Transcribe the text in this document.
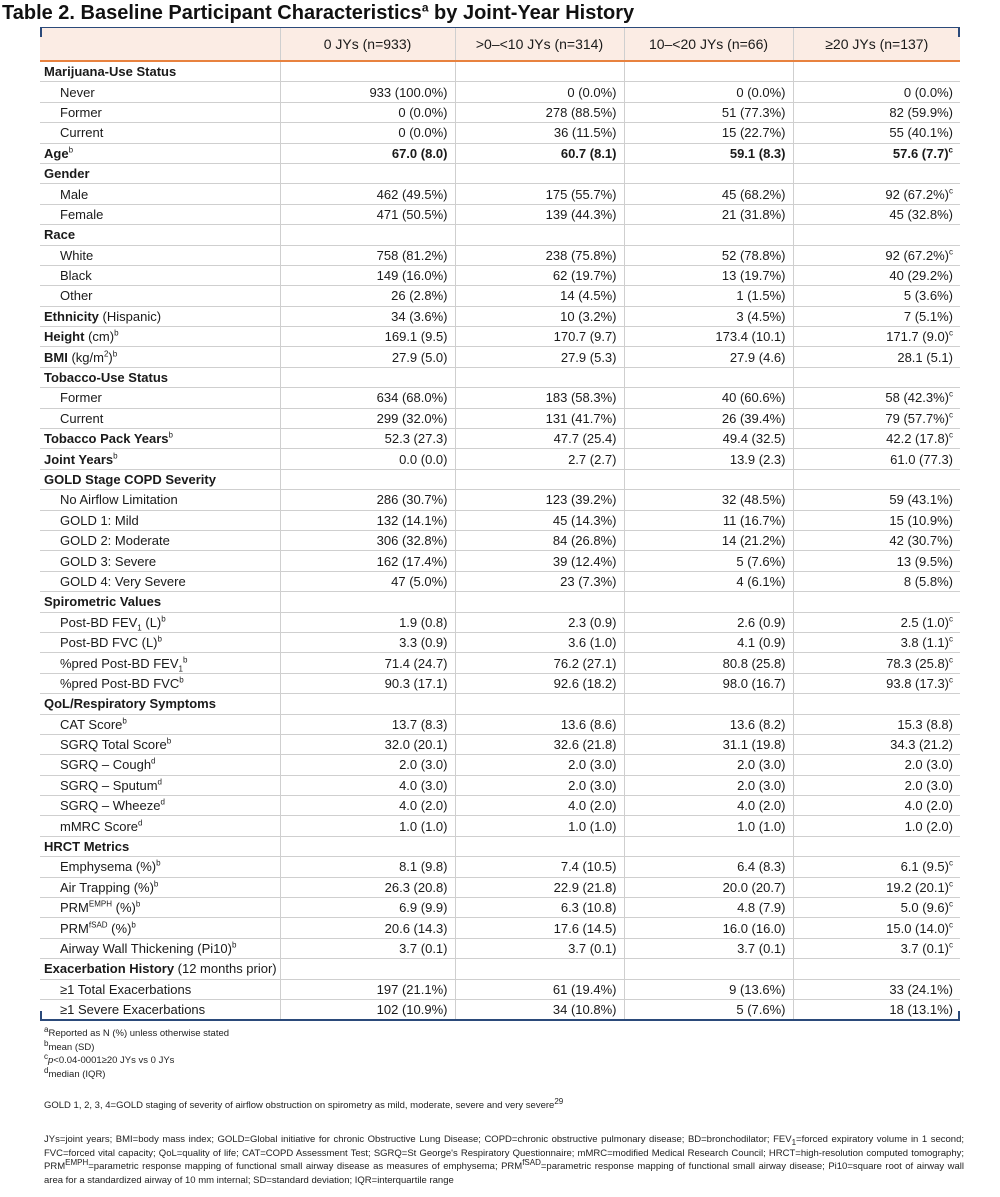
Table 2. Baseline Participant Characteristics$^a$ by Joint-Year History
	0 JYs (n=933)	>0–<10 JYs (n=314)	10–<20 JYs (n=66)	≥20 JYs (n=137)
Marijuana-Use Status				
Never	933 (100.0%)	0 (0.0%)	0 (0.0%)	0 (0.0%)
Former	0 (0.0%)	278 (88.5%)	51 (77.3%)	82 (59.9%)
Current	0 (0.0%)	36 (11.5%)	15 (22.7%)	55 (40.1%)
Age$^b$	67.0 (8.0)	60.7 (8.1)	59.1 (8.3)	57.6 $(7.7)^c$
Gender				
Male	462 (49.5%)	175 (55.7%)	45 (68.2%)	92 $(67.2\%)^c$
Female	471 (50.5%)	139 (44.3%)	21 (31.8%)	45 (32.8%)
Race				
White	758 (81.2%)	238 (75.8%)	52 (78.8%)	92 $(67.2\%)^c$
Black	149 (16.0%)	62 (19.7%)	13 (19.7%)	40 (29.2%)
Other	26 (2.8%)	14 (4.5%)	1 (1.5%)	5 (3.6%)
Ethnicity (Hispanic)	34 (3.6%)	10 (3.2%)	3 (4.5%)	7 (5.1%)
Height (cm)$^b$	169.1 (9.5)	170.7 (9.7)	173.4 (10.1)	171.7 $(9.0)^c$
BMI $(kg/m^2)^b$	27.9 (5.0)	27.9 (5.3)	27.9 (4.6)	28.1 (5.1)
Tobacco-Use Status				
Former	634 (68.0%)	183 (58.3%)	40 (60.6%)	58 $(42.3\%)^c$
Current	299 (32.0%)	131 (41.7%)	26 (39.4%)	79 $(57.7\%)^c$
Tobacco Pack Years$^b$	52.3 (27.3)	47.7 (25.4)	49.4 (32.5)	42.2 $(17.8)^c$
Joint Years$^b$	0.0 (0.0)	2.7 (2.7)	13.9 (2.3)	61.0 (77.3)
GOLD Stage COPD Severity				
No Airflow Limitation	286 (30.7%)	123 (39.2%)	32 (48.5%)	59 (43.1%)
GOLD 1: Mild	132 (14.1%)	45 (14.3%)	11 (16.7%)	15 (10.9%)
GOLD 2: Moderate	306 (32.8%)	84 (26.8%)	14 (21.2%)	42 (30.7%)
GOLD 3: Severe	162 (17.4%)	39 (12.4%)	5 (7.6%)	13 (9.5%)
GOLD 4: Very Severe	47 (5.0%)	23 (7.3%)	4 (6.1%)	8 (5.8%)
Spirometric Values				
Post-BD $FEV_1$ $(L)^b$	1.9 (0.8)	2.3 (0.9)	2.6 (0.9)	2.5 $(1.0)^c$
Post-BD FVC $(L)^b$	3.3 (0.9)	3.6 (1.0)	4.1 (0.9)	3.8 $(1.1)^c$
%pred Post-BD $FEV_1^b$	71.4 (24.7)	76.2 (27.1)	80.8 (25.8)	78.3 $(25.8)^c$
%pred Post-BD FVC$^b$	90.3 (17.1)	92.6 (18.2)	98.0 (16.7)	93.8 $(17.3)^c$
QoL/Respiratory Symptoms				
CAT Score$^b$	13.7 (8.3)	13.6 (8.6)	13.6 (8.2)	15.3 (8.8)
SGRQ Total Score$^b$	32.0 (20.1)	32.6 (21.8)	31.1 (19.8)	34.3 (21.2)
SGRQ – Cough$^d$	2.0 (3.0)	2.0 (3.0)	2.0 (3.0)	2.0 (3.0)
SGRQ – Sputum$^d$	4.0 (3.0)	2.0 (3.0)	2.0 (3.0)	2.0 (3.0)
SGRQ – Wheeze$^d$	4.0 (2.0)	4.0 (2.0)	4.0 (2.0)	4.0 (2.0)
mMRC Score$^d$	1.0 (1.0)	1.0 (1.0)	1.0 (1.0)	1.0 (2.0)
HRCT Metrics				
Emphysema (%)$^b$	8.1 (9.8)	7.4 (10.5)	6.4 (8.3)	6.1 $(9.5)^c$
Air Trapping (%)$^b$	26.3 (20.8)	22.9 (21.8)	20.0 (20.7)	19.2 $(20.1)^c$
$PRM^{EMPH}$ (%)$^b$	6.9 (9.9)	6.3 (10.8)	4.8 (7.9)	5.0 $(9.6)^c$
$PRM^{fSAD}$ (%)$^b$	20.6 (14.3)	17.6 (14.5)	16.0 (16.0)	15.0 $(14.0)^c$
Airway Wall Thickening $(Pi10)^b$	3.7 (0.1)	3.7 (0.1)	3.7 (0.1)	3.7 $(0.1)^c$
Exacerbation History (12 months prior)				
≥1 Total Exacerbations	197 (21.1%)	61 (19.4%)	9 (13.6%)	33 (24.1%)
≥1 Severe Exacerbations	102 (10.9%)	34 (10.8%)	5 (7.6%)	18 (13.1%)
$^a$Reported as N (%) unless otherwise stated
$^b$mean (SD)
$^c$p<0.04-0001≥20 JYs vs 0 JYs
$^d$median (IQR)
GOLD 1, 2, 3, 4=GOLD staging of severity of airflow obstruction on spirometry as mild, moderate, severe and very severe$^{29}$
JYs=joint years; BMI=body mass index; GOLD=Global initiative for chronic Obstructive Lung Disease; COPD=chronic obstructive pulmonary disease; BD=bronchodilator; $FEV_1=forced$ expiratory volume in 1 second; FVC=forced vital capacity; QoL=quality of life; CAT=COPD Assessment Test; SGRQ=St George's Respiratory Questionnaire; mMRC=modified Medical Research Council; HRCT=high-resolution computed tomography; $PRM^{EMPH}=parametric$ response mapping of functional small airway disease as measures of emphysema; $PRM^{fSAD}=parametric$ response mapping of functional small airway disease; Pi10=square root of airway wall area for a standardized airway of 10 mm internal; SD=standard deviation; IQR=interquartile range
